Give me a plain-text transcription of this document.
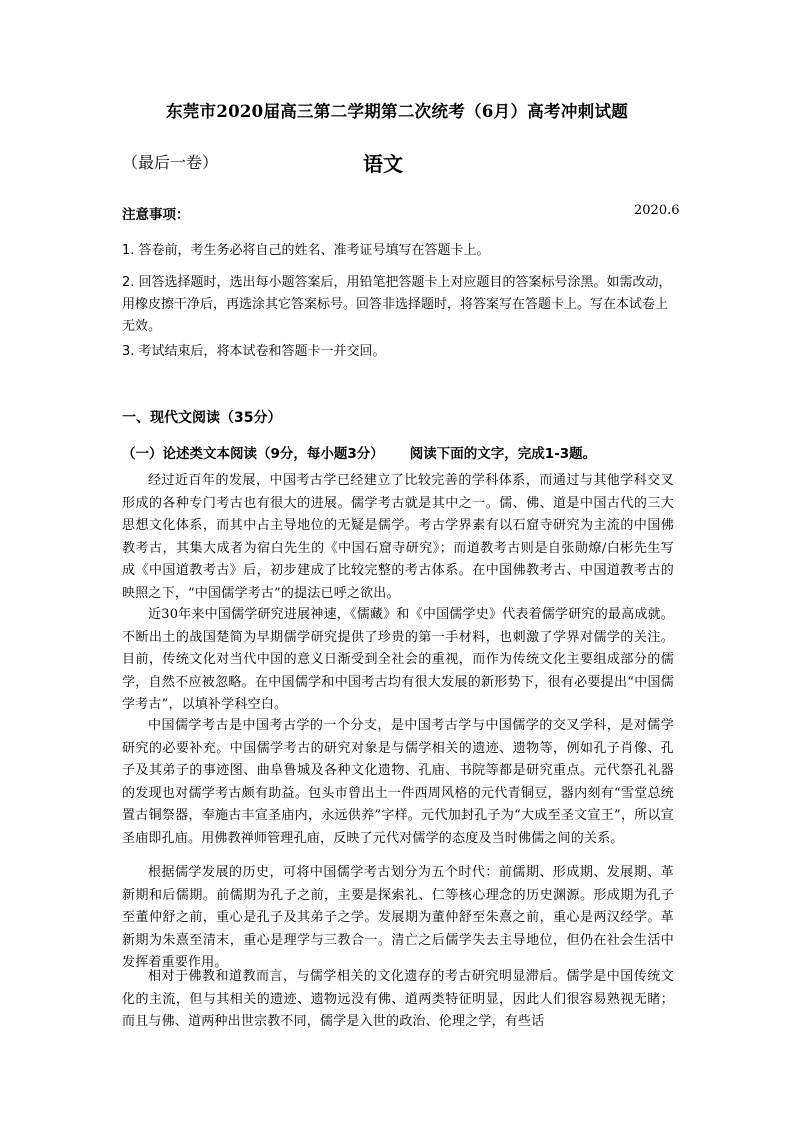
东莞市2020届高三第二学期第二次统考（6月）高考冲刺试题
（最后一卷）	语文
注意事项：	2020.6
1. 答卷前，考生务必将自己的姓名、准考证号填写在答题卡上。
2. 回答选择题时，选出每小题答案后，用铅笔把答题卡上对应题目的答案标号涂黑。如需改动，用橡皮擦干净后，再选涂其它答案标号。回答非选择题时，将答案写在答题卡上。写在本试卷上无效。
3. 考试结束后，将本试卷和答题卡一并交回。
一、现代文阅读（35分）
（一）论述类文本阅读（9分，每小题3分） 阅读下面的文字，完成1-3题。
经过近百年的发展，中国考古学已经建立了比较完善的学科体系，而通过与其他学科交叉形成的各种专门考古也有很大的进展。儒学考古就是其中之一。儒、佛、道是中国古代的三大思想文化体系，而其中占主导地位的无疑是儒学。考古学界素有以石窟寺研究为主流的中国佛教考古，其集大成者为宿白先生的《中国石窟寺研究》；而道教考古则是自张勋燎/白彬先生写成《中国道教考古》后，初步建成了比较完整的考古体系。在中国佛教考古、中国道教考古的映照之下，“中国儒学考古”的提法已呼之欲出。
近30年来中国儒学研究进展神速，《儒藏》和《中国儒学史》代表着儒学研究的最高成就。不断出土的战国楚简为早期儒学研究提供了珍贵的第一手材料，也刺激了学界对儒学的关注。目前，传统文化对当代中国的意义日渐受到全社会的重视，而作为传统文化主要组成部分的儒学，自然不应被忽略。在中国儒学和中国考古均有很大发展的新形势下，很有必要提出“中国儒学考古”，以填补学科空白。
中国儒学考古是中国考古学的一个分支，是中国考古学与中国儒学的交叉学科，是对儒学研究的必要补充。中国儒学考古的研究对象是与儒学相关的遗迹、遗物等，例如孔子肖像、孔子及其弟子的事迹图、曲阜鲁城及各种文化遗物、孔庙、书院等都是研究重点。元代祭孔礼器的发现也对儒学考古颇有助益。包头市曾出土一件西周风格的元代青铜豆，器内刻有“雪堂总统置古铜祭器，奉施古丰宣圣庙内，永远供养”字样。元代加封孔子为“大成至圣文宣王”，所以宣圣庙即孔庙。用佛教禅师管理孔庙，反映了元代对儒学的态度及当时佛儒之间的关系。
根据儒学发展的历史，可将中国儒学考古划分为五个时代：前儒期、形成期、发展期、革新期和后儒期。前儒期为孔子之前，主要是探索礼、仁等核心理念的历史渊源。形成期为孔子至董仲舒之前，重心是孔子及其弟子之学。发展期为董仲舒至朱熹之前，重心是两汉经学。革新期为朱熹至清末，重心是理学与三教合一。清亡之后儒学失去主导地位，但仍在社会生活中发挥着重要作用。
相对于佛教和道教而言，与儒学相关的文化遗存的考古研究明显滞后。儒学是中国传统文化的主流，但与其相关的遗迹、遗物远没有佛、道两类特征明显，因此人们很容易熟视无睹；而且与佛、道两种出世宗教不同，儒学是入世的政治、伦理之学，有些话
